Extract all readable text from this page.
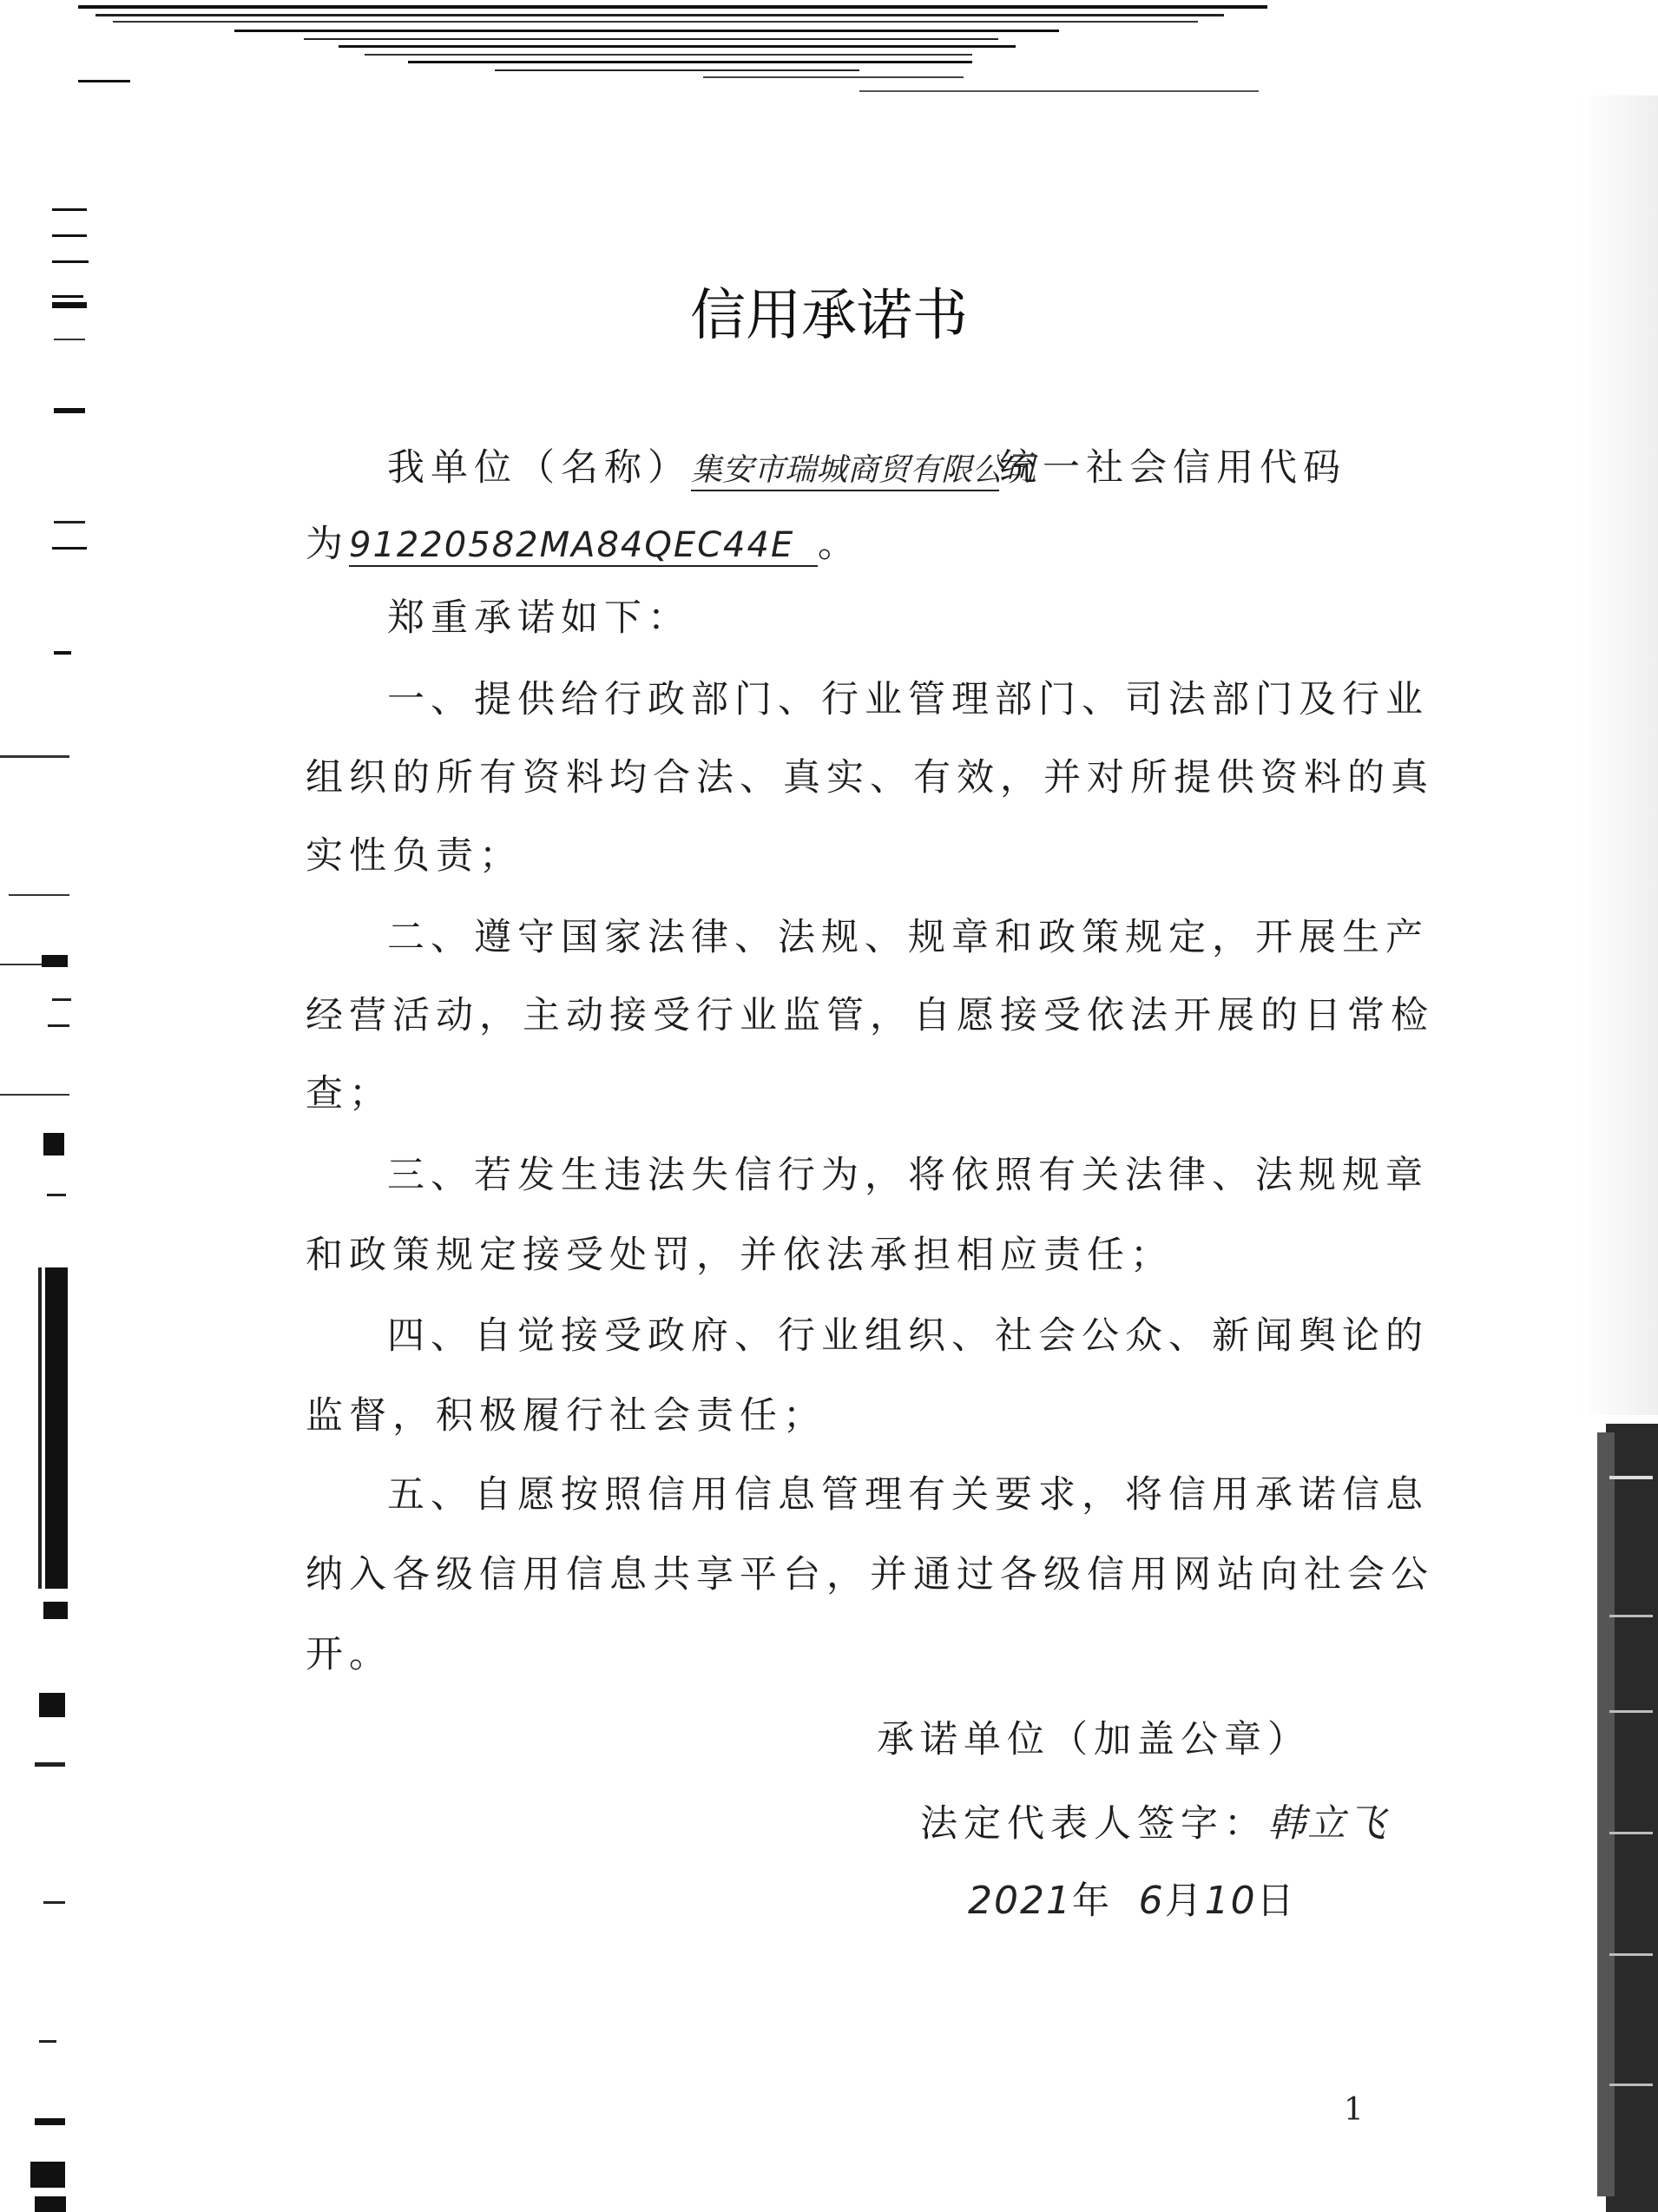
信用承诺书
我单位（名称）集安市瑞城商贸有限公司统一社会信用代码
为91220582MA84QEC44E 。
郑重承诺如下：
一、提供给行政部门、行业管理部门、司法部门及行业
组织的所有资料均合法、真实、有效，并对所提供资料的真
实性负责；
二、遵守国家法律、法规、规章和政策规定，开展生产
经营活动，主动接受行业监管，自愿接受依法开展的日常检
查；
三、若发生违法失信行为，将依照有关法律、法规规章
和政策规定接受处罚，并依法承担相应责任；
四、自觉接受政府、行业组织、社会公众、新闻舆论的
监督，积极履行社会责任；
五、自愿按照信用信息管理有关要求，将信用承诺信息
纳入各级信用信息共享平台，并通过各级信用网站向社会公
开。
承诺单位（加盖公章）
法定代表人签字：韩立飞
2021年 6月10日
1
